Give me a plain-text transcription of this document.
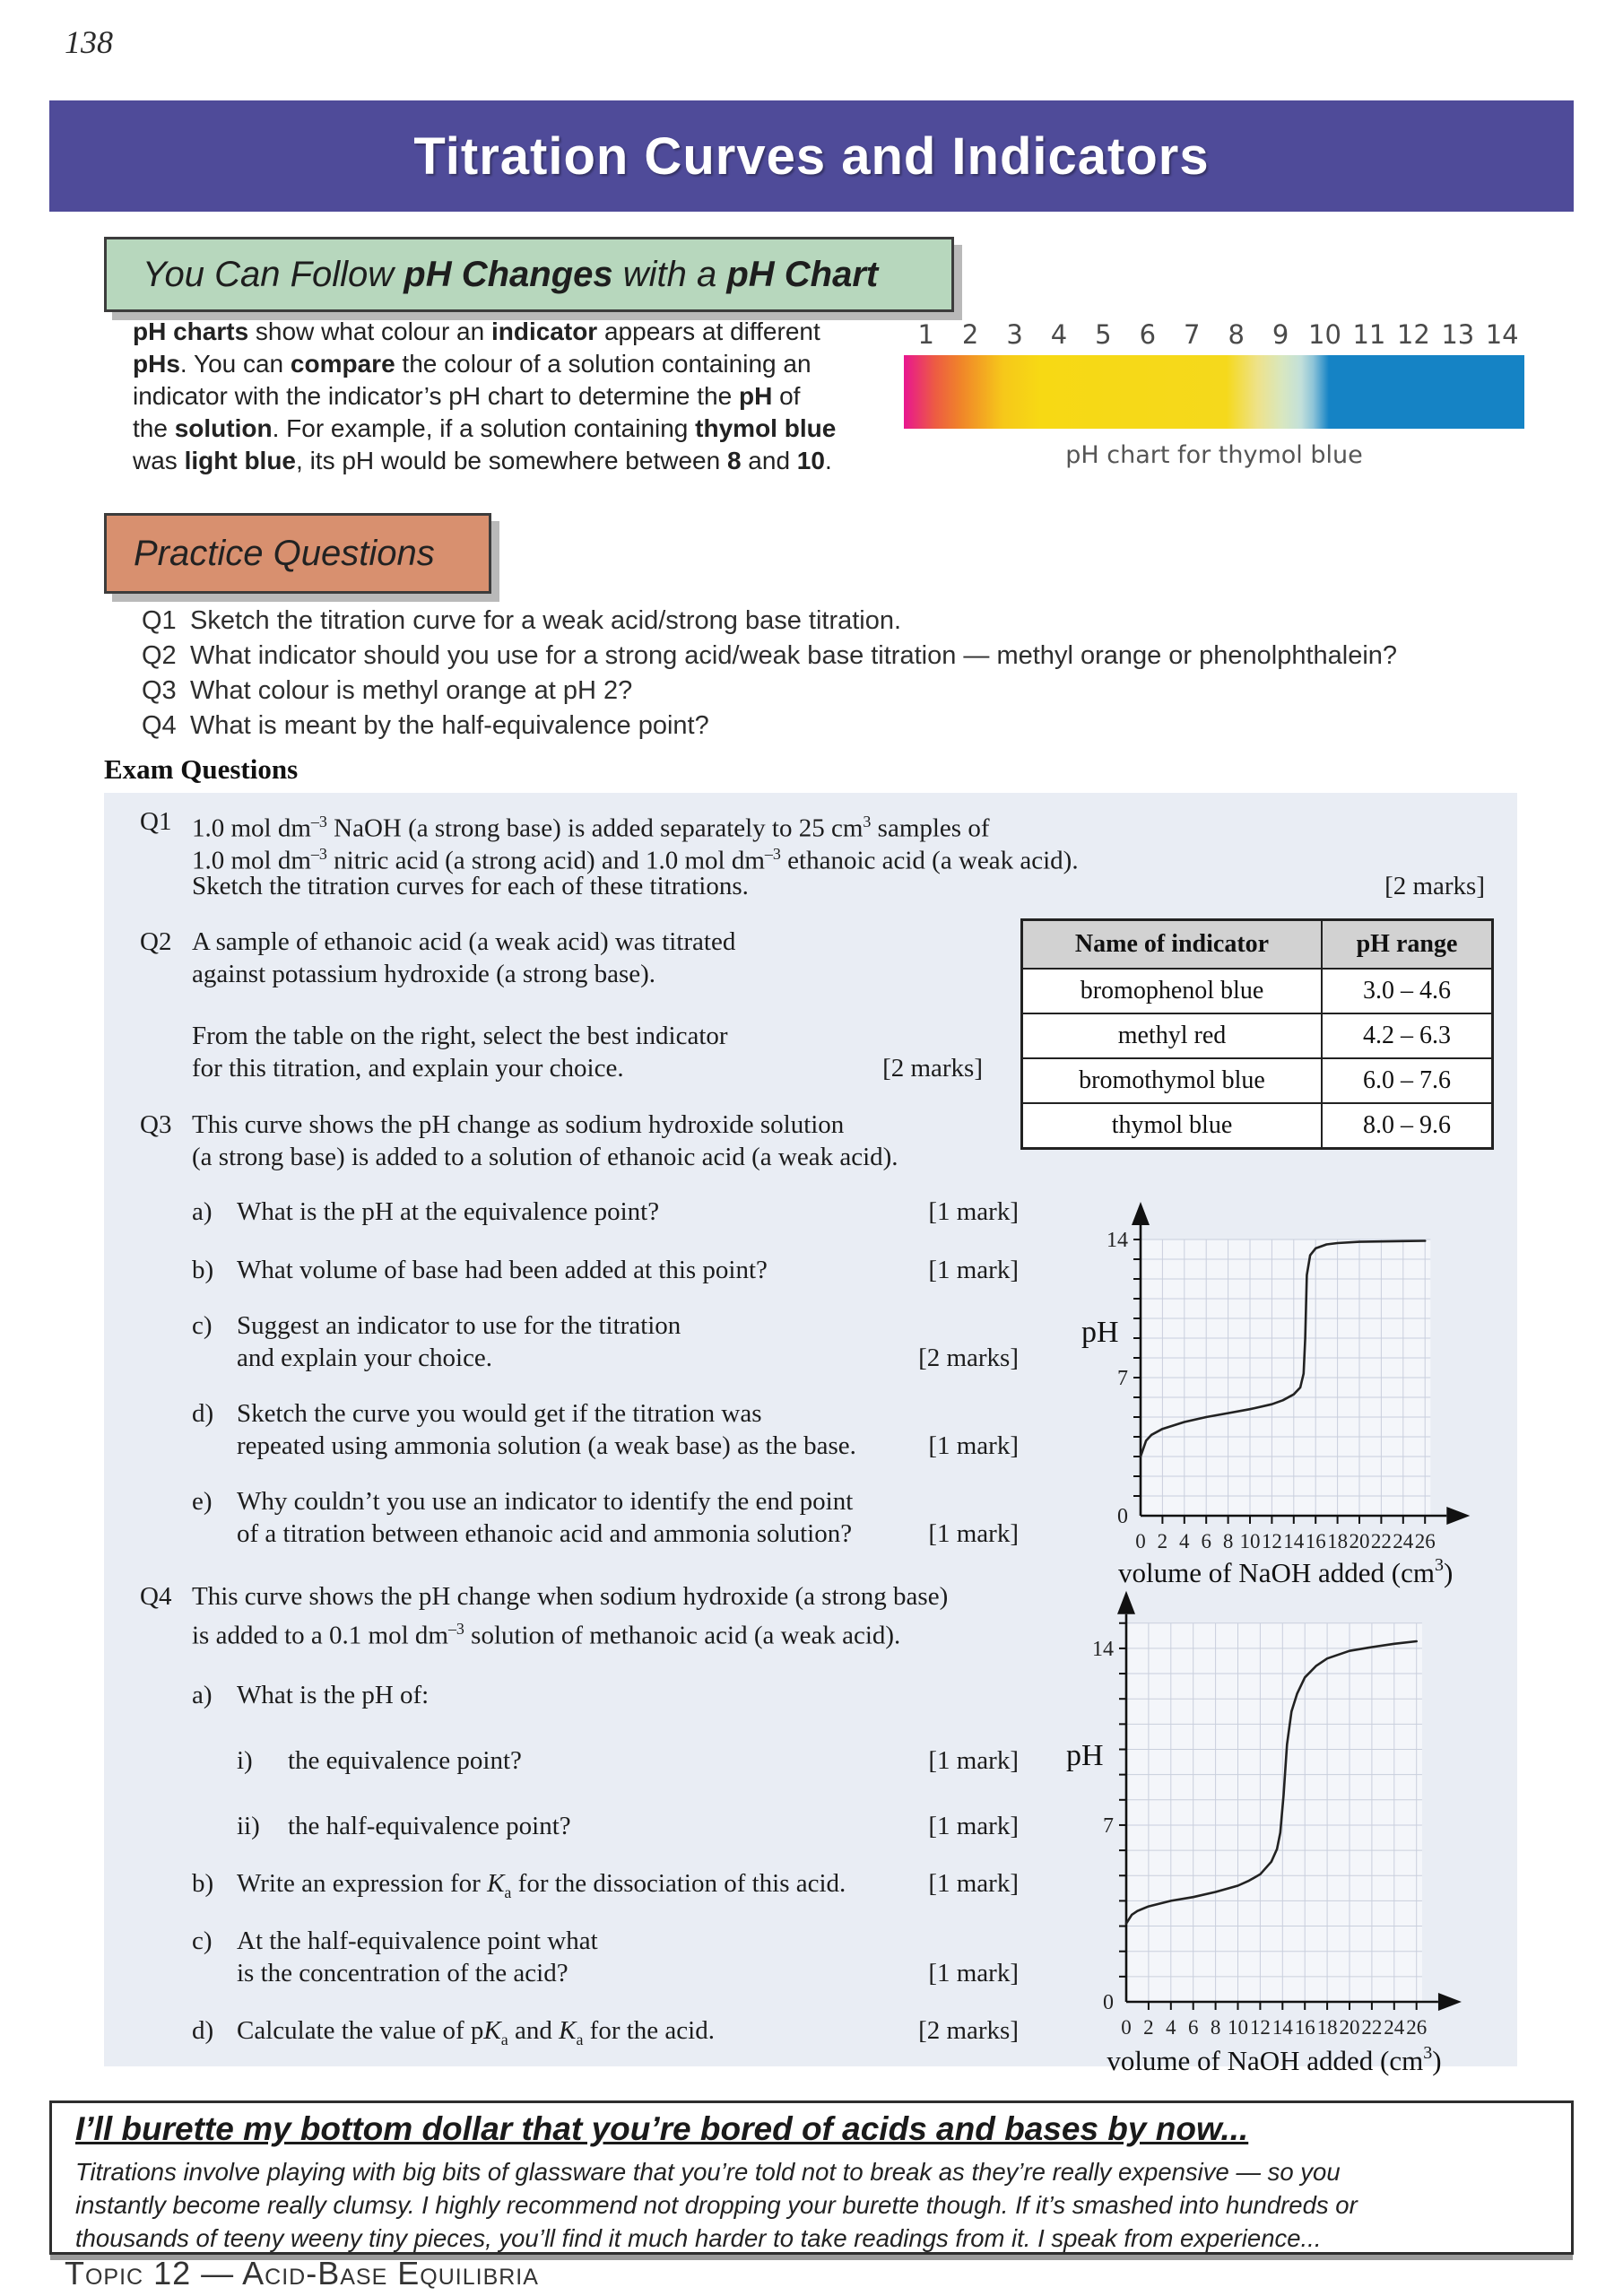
138
Titration Curves and Indicators
You Can Follow pH Changes with a pH Chart
pH charts show what colour an indicator appears at different
pHs. You can compare the colour of a solution containing an
indicator with the indicator’s pH chart to determine the pH of
the solution. For example, if a solution containing thymol blue
was light blue, its pH would be somewhere between 8 and 10.
1	2	3	4	5	6	7	8	9 10 11 12 13 14
pH chart for thymol blue
Practice Questions
Q1 Sketch the titration curve for a weak acid/strong base titration.
Q2 What indicator should you use for a strong acid/weak base titration — methyl orange or phenolphthalein?
Q3 What colour is methyl orange at pH 2?
Q4 What is meant by the half-equivalence point?
Exam Questions
Q1 1.0 mol $dm^{-3}$ NaOH (a strong base) is added separately to 25 $cm^3$ samples of
1.0 mol $dm^{-3}$ nitric acid (a strong acid) and 1.0 mol $dm^{-3}$ ethanoic acid (a weak acid).
Sketch the titration curves for each of these titrations.	[2 marks]
Q2 A sample of ethanoic acid (a weak acid) was titrated
against potassium hydroxide (a strong base).
From the table on the right, select the best indicator
for this titration, and explain your choice.	[2 marks]
Name of indicator	pH range
bromophenol blue	3.0 – 4.6
methyl red	4.2 – 6.3
bromothymol blue	6.0 – 7.6
thymol blue	8.0 – 9.6
Q3 This curve shows the pH change as sodium hydroxide solution
(a strong base) is added to a solution of ethanoic acid (a weak acid).
a) What is the pH at the equivalence point?	[1 mark]
b) What volume of base had been added at this point?	[1 mark]
c) Suggest an indicator to use for the titration
and explain your choice.	[2 marks]
d) Sketch the curve you would get if the titration was
repeated using ammonia solution (a weak base) as the base.	[1 mark]
e) Why couldn’t you use an indicator to identify the end point
of a titration between ethanoic acid and ammonia solution?	[1 mark]
Q4 This curve shows the pH change when sodium hydroxide (a strong base)
is added to a 0.1 mol $dm^{-3}$ solution of methanoic acid (a weak acid).
a) What is the pH of:
i) the equivalence point?	[1 mark]
ii) the half-equivalence point?	[1 mark]
b) Write an expression for $K_a$ for the dissociation of this acid.	[1 mark]
c) At the half-equivalence point what
is the concentration of the acid?	[1 mark]
d) Calculate the value of $pK_a$ and $K_a$ for the acid.	[2 marks]
0 2 4 6 8 10 12 14 16 18 20 22 24 26
0
7
14
pH
volume of NaOH added $(cm^3)$
0 2 4 6 8 10 12 14 16 18 20 22 24 26
0
7
14
pH
volume of NaOH added $(cm^3)$
I’ll burette my bottom dollar that you’re bored of acids and bases by now...
Titrations involve playing with big bits of glassware that you’re told not to break as they’re really expensive — so you
instantly become really clumsy. I highly recommend not dropping your burette though. If it’s smashed into hundreds or
thousands of teeny weeny tiny pieces, you’ll find it much harder to take readings from it. I speak from experience...
Topic 12 — Acid-Base Equilibria
